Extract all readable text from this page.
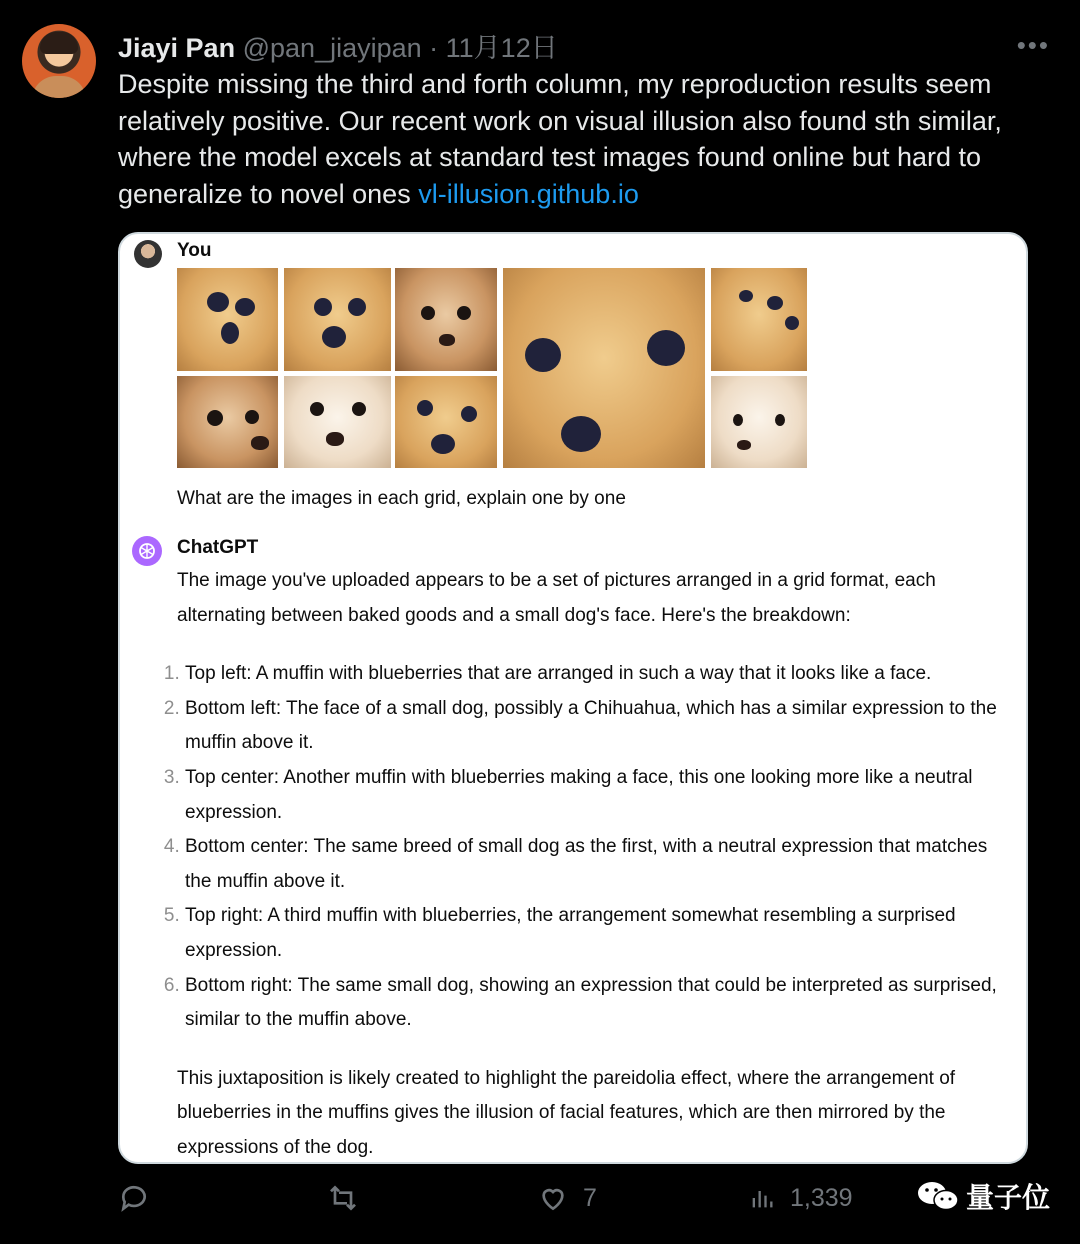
Jiayi Pan @pan_jiayipan · 11月12日	•••
Despite missing the third and forth column, my reproduction results seem relatively positive. Our recent work on visual illusion also found sth similar, where the model excels at standard test images found online but hard to generalize to novel ones vl-illusion.github.io
You
What are the images in each grid, explain one by one
ChatGPT

The image you've uploaded appears to be a set of pictures arranged in a grid format, each alternating between baked goods and a small dog's face. Here's the breakdown:

1. Top left: A muffin with blueberries that are arranged in such a way that it looks like a face.
2. Bottom left: The face of a small dog, possibly a Chihuahua, which has a similar expression to the muffin above it.
3. Top center: Another muffin with blueberries making a face, this one looking more like a neutral expression.
4. Bottom center: The same breed of small dog as the first, with a neutral expression that matches the muffin above it.
5. Top right: A third muffin with blueberries, the arrangement somewhat resembling a surprised expression.
6. Bottom right: The same small dog, showing an expression that could be interpreted as surprised, similar to the muffin above.

This juxtaposition is likely created to highlight the pareidolia effect, where the arrangement of blueberries in the muffins gives the illusion of facial features, which are then mirrored by the expressions of the dog.

7	1,339	量子位
